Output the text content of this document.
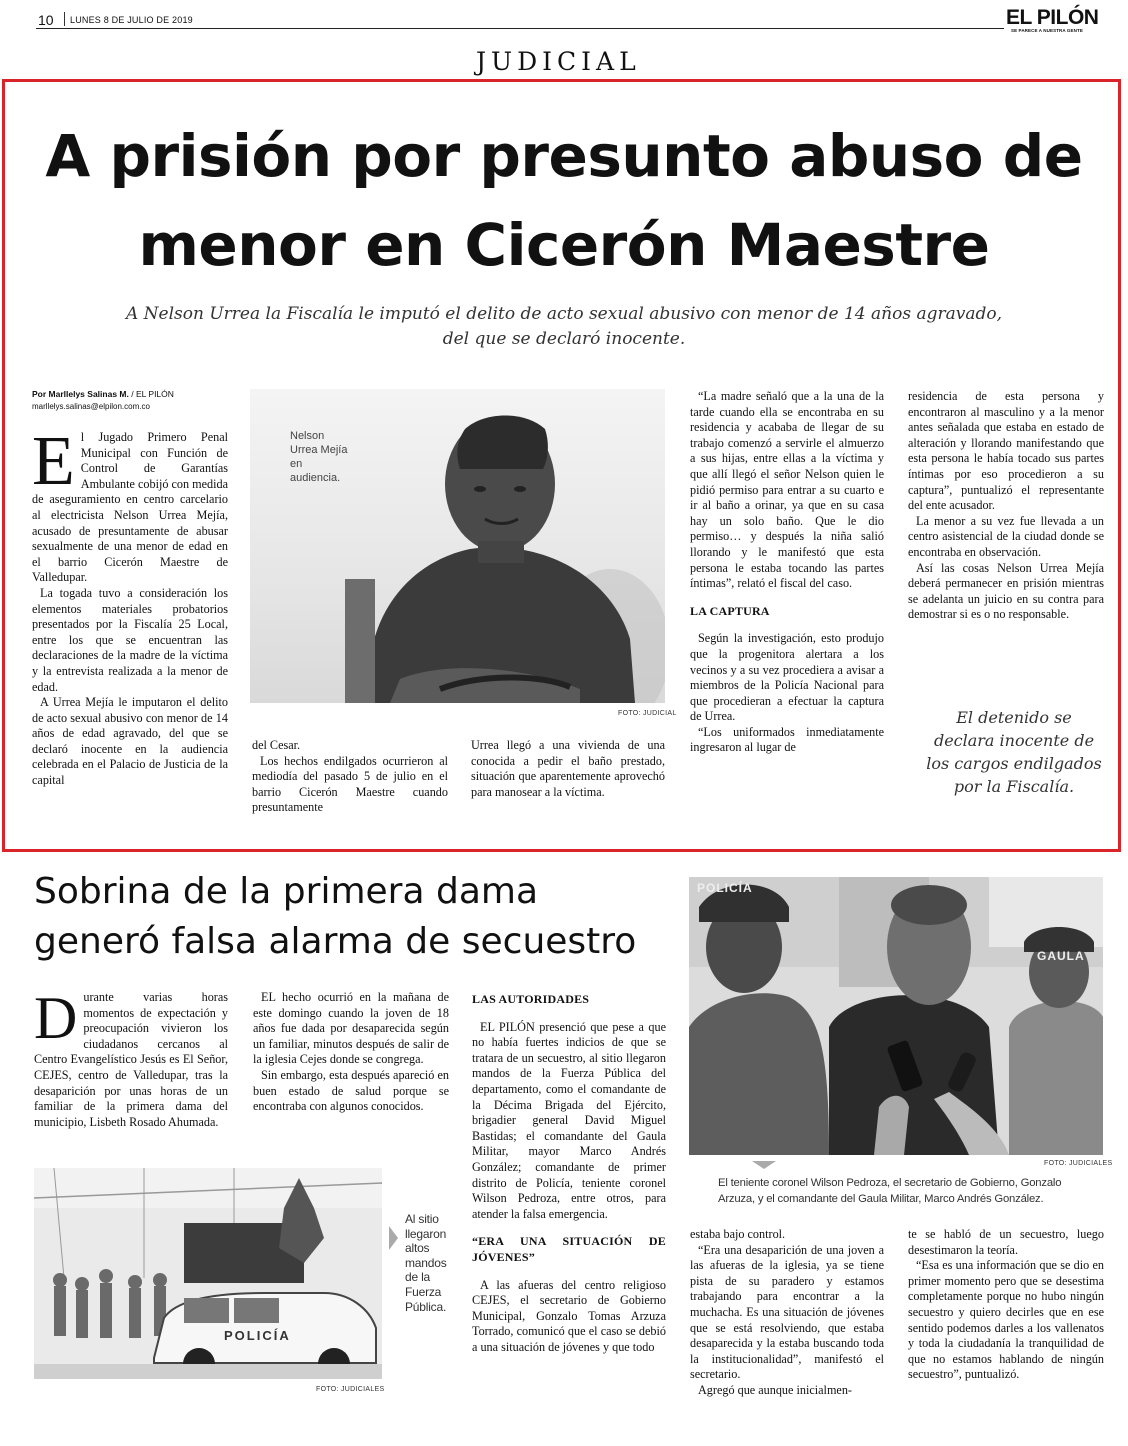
10 LUNES 8 DE JULIO DE 2019	EL PILÓN
SE PARECE A NUESTRA GENTE
JUDICIAL
A prisión por presunto abuso de
menor en Cicerón Maestre
A Nelson Urrea la Fiscalía le imputó el delito de acto sexual abusivo con menor de 14 años agravado,
del que se declaró inocente.
Por Marllelys Salinas M. / EL PILÓN
marllelys.salinas@elpilon.com.co

El Jugado Primero Penal Municipal con Función de Control de Garantías Ambulante cobijó con medida de aseguramiento en centro carcelario al electricista Nelson Urrea Mejía, acusado de presuntamente de abusar sexualmente de una menor de edad en el barrio Cicerón Maestre de Valledupar.

La togada tuvo a consideración los elementos materiales probatorios presentados por la Fiscalía 25 Local, entre los que se encuentran las declaraciones de la madre de la víctima y la entrevista realizada a la menor de edad.

A Urrea Mejía le imputaron el delito de acto sexual abusivo con menor de 14 años de edad agravado, del que se declaró inocente en la audiencia celebrada en el Palacio de Justicia de la capital

Nelson Urrea Mejía en audiencia.
FOTO: JUDICIAL

del Cesar.

Los hechos endilgados ocurrieron al mediodía del pasado 5 de julio en el barrio Cicerón Maestre cuando presuntamente

Urrea llegó a una vivienda de una conocida a pedir el baño prestado, situación que aparentemente aprovechó para manosear a la víctima.

“La madre señaló que a la una de la tarde cuando ella se encontraba en su residencia y acababa de llegar de su trabajo comenzó a servirle el almuerzo a sus hijas, entre ellas a la víctima y que allí llegó el señor Nelson quien le pidió permiso para entrar a su cuarto e ir al baño a orinar, ya que en su casa hay un solo baño. Que le dio permiso… y después la niña salió llorando y le manifestó que esta persona le estaba tocando las partes íntimas”, relató el fiscal del caso.

LA CAPTURA

Según la investigación, esto produjo que la progenitora alertara a los vecinos y a su vez procediera a avisar a miembros de la Policía Nacional para que procedieran a efectuar la captura de Urrea.

“Los uniformados inmediatamente ingresaron al lugar de

residencia de esta persona y encontraron al masculino y a la menor antes señalada que estaba en estado de alteración y llorando manifestando que esta persona le había tocado sus partes íntimas por eso procedieron a su captura”, puntualizó el representante del ente acusador.

La menor a su vez fue llevada a un centro asistencial de la ciudad donde se encontraba en observación.

Así las cosas Nelson Urrea Mejía deberá permanecer en prisión mientras se adelanta un juicio en su contra para demostrar si es o no responsable.

El detenido se declara inocente de los cargos endilgados por la Fiscalía.
Sobrina de la primera dama
generó falsa alarma de secuestro

Durante varias horas momentos de expectación y preocupación vivieron los ciudadanos cercanos al Centro Evangelístico Jesús es El Señor, CEJES, centro de Valledupar, tras la desaparición por unas horas de un familiar de la primera dama del municipio, Lisbeth Rosado Ahumada.

EL hecho ocurrió en la mañana de este domingo cuando la joven de 18 años fue dada por desaparecida según un familiar, minutos después de salir de la iglesia Cejes donde se congrega.

Sin embargo, esta después apareció en buen estado de salud porque se encontraba con algunos conocidos.

POLICÍA
FOTO: JUDICIALES
Al sitio llegaron altos mandos de la Fuerza Pública.
LAS AUTORIDADES

EL PILÓN presenció que pese a que no había fuertes indicios de que se tratara de un secuestro, al sitio llegaron mandos de la Fuerza Pública del departamento, como el comandante de la Décima Brigada del Ejército, brigadier general David Miguel Bastidas; el comandante del Gaula Militar, mayor Marco Andrés González; comandante de primer distrito de Policía, teniente coronel Wilson Pedroza, entre otros, para atender la falsa emergencia.

“ERA UNA SITUACIÓN DE JÓVENES”

A las afueras del centro religioso CEJES, el secretario de Gobierno Municipal, Gonzalo Tomas Arzuza Torrado, comunicó que el caso se debió a una situación de jóvenes y que todo

POLICÍA
GAULA
FOTO: JUDICIALES
El teniente coronel Wilson Pedroza, el secretario de Gobierno, Gonzalo Arzuza, y el comandante del Gaula Militar, Marco Andrés González.

estaba bajo control.

“Era una desaparición de una joven a las afueras de la iglesia, ya se tiene pista de su paradero y estamos trabajando para encontrar a la muchacha. Es una situación de jóvenes que se está resolviendo, que estaba desaparecida y la estaba buscando toda la institucionalidad”, manifestó el secretario.

Agregó que aunque inicialmen-

te se habló de un secuestro, luego desestimaron la teoría.

“Esa es una información que se dio en primer momento pero que se desestima completamente porque no hubo ningún secuestro y quiero decirles que en ese sentido podemos darles a los vallenatos y toda la ciudadanía la tranquilidad de que no estamos hablando de ningún secuestro”, puntualizó.
